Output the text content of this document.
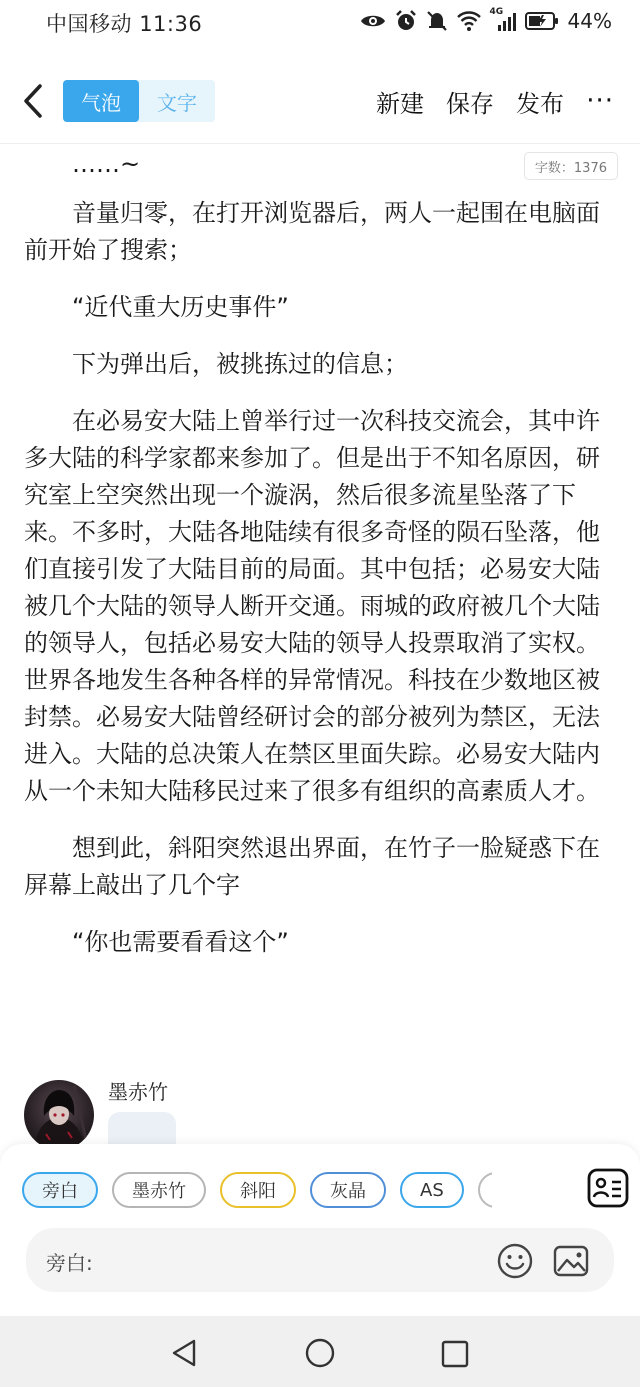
中国移动 11:36	4G	44%
气泡	文字	新建 保存 发布 ···
字数：1376

……~

音量归零，在打开浏览器后，两人一起围在电脑面前开始了搜索；

“近代重大历史事件”

下为弹出后，被挑拣过的信息；

在必易安大陆上曾举行过一次科技交流会，其中许多大陆的科学家都来参加了。但是出于不知名原因，研究室上空突然出现一个漩涡，然后很多流星坠落了下来。不多时，大陆各地陆续有很多奇怪的陨石坠落，他们直接引发了大陆目前的局面。其中包括；必易安大陆被几个大陆的领导人断开交通。雨城的政府被几个大陆的领导人，包括必易安大陆的领导人投票取消了实权。世界各地发生各种各样的异常情况。科技在少数地区被封禁。必易安大陆曾经研讨会的部分被列为禁区，无法进入。大陆的总决策人在禁区里面失踪。必易安大陆内从一个未知大陆移民过来了很多有组织的高素质人才。

想到此，斜阳突然退出界面，在竹子一脸疑惑下在屏幕上敲出了几个字

“你也需要看看这个”

墨赤竹
旁白	墨赤竹	斜阳	灰晶	AS
旁白:
